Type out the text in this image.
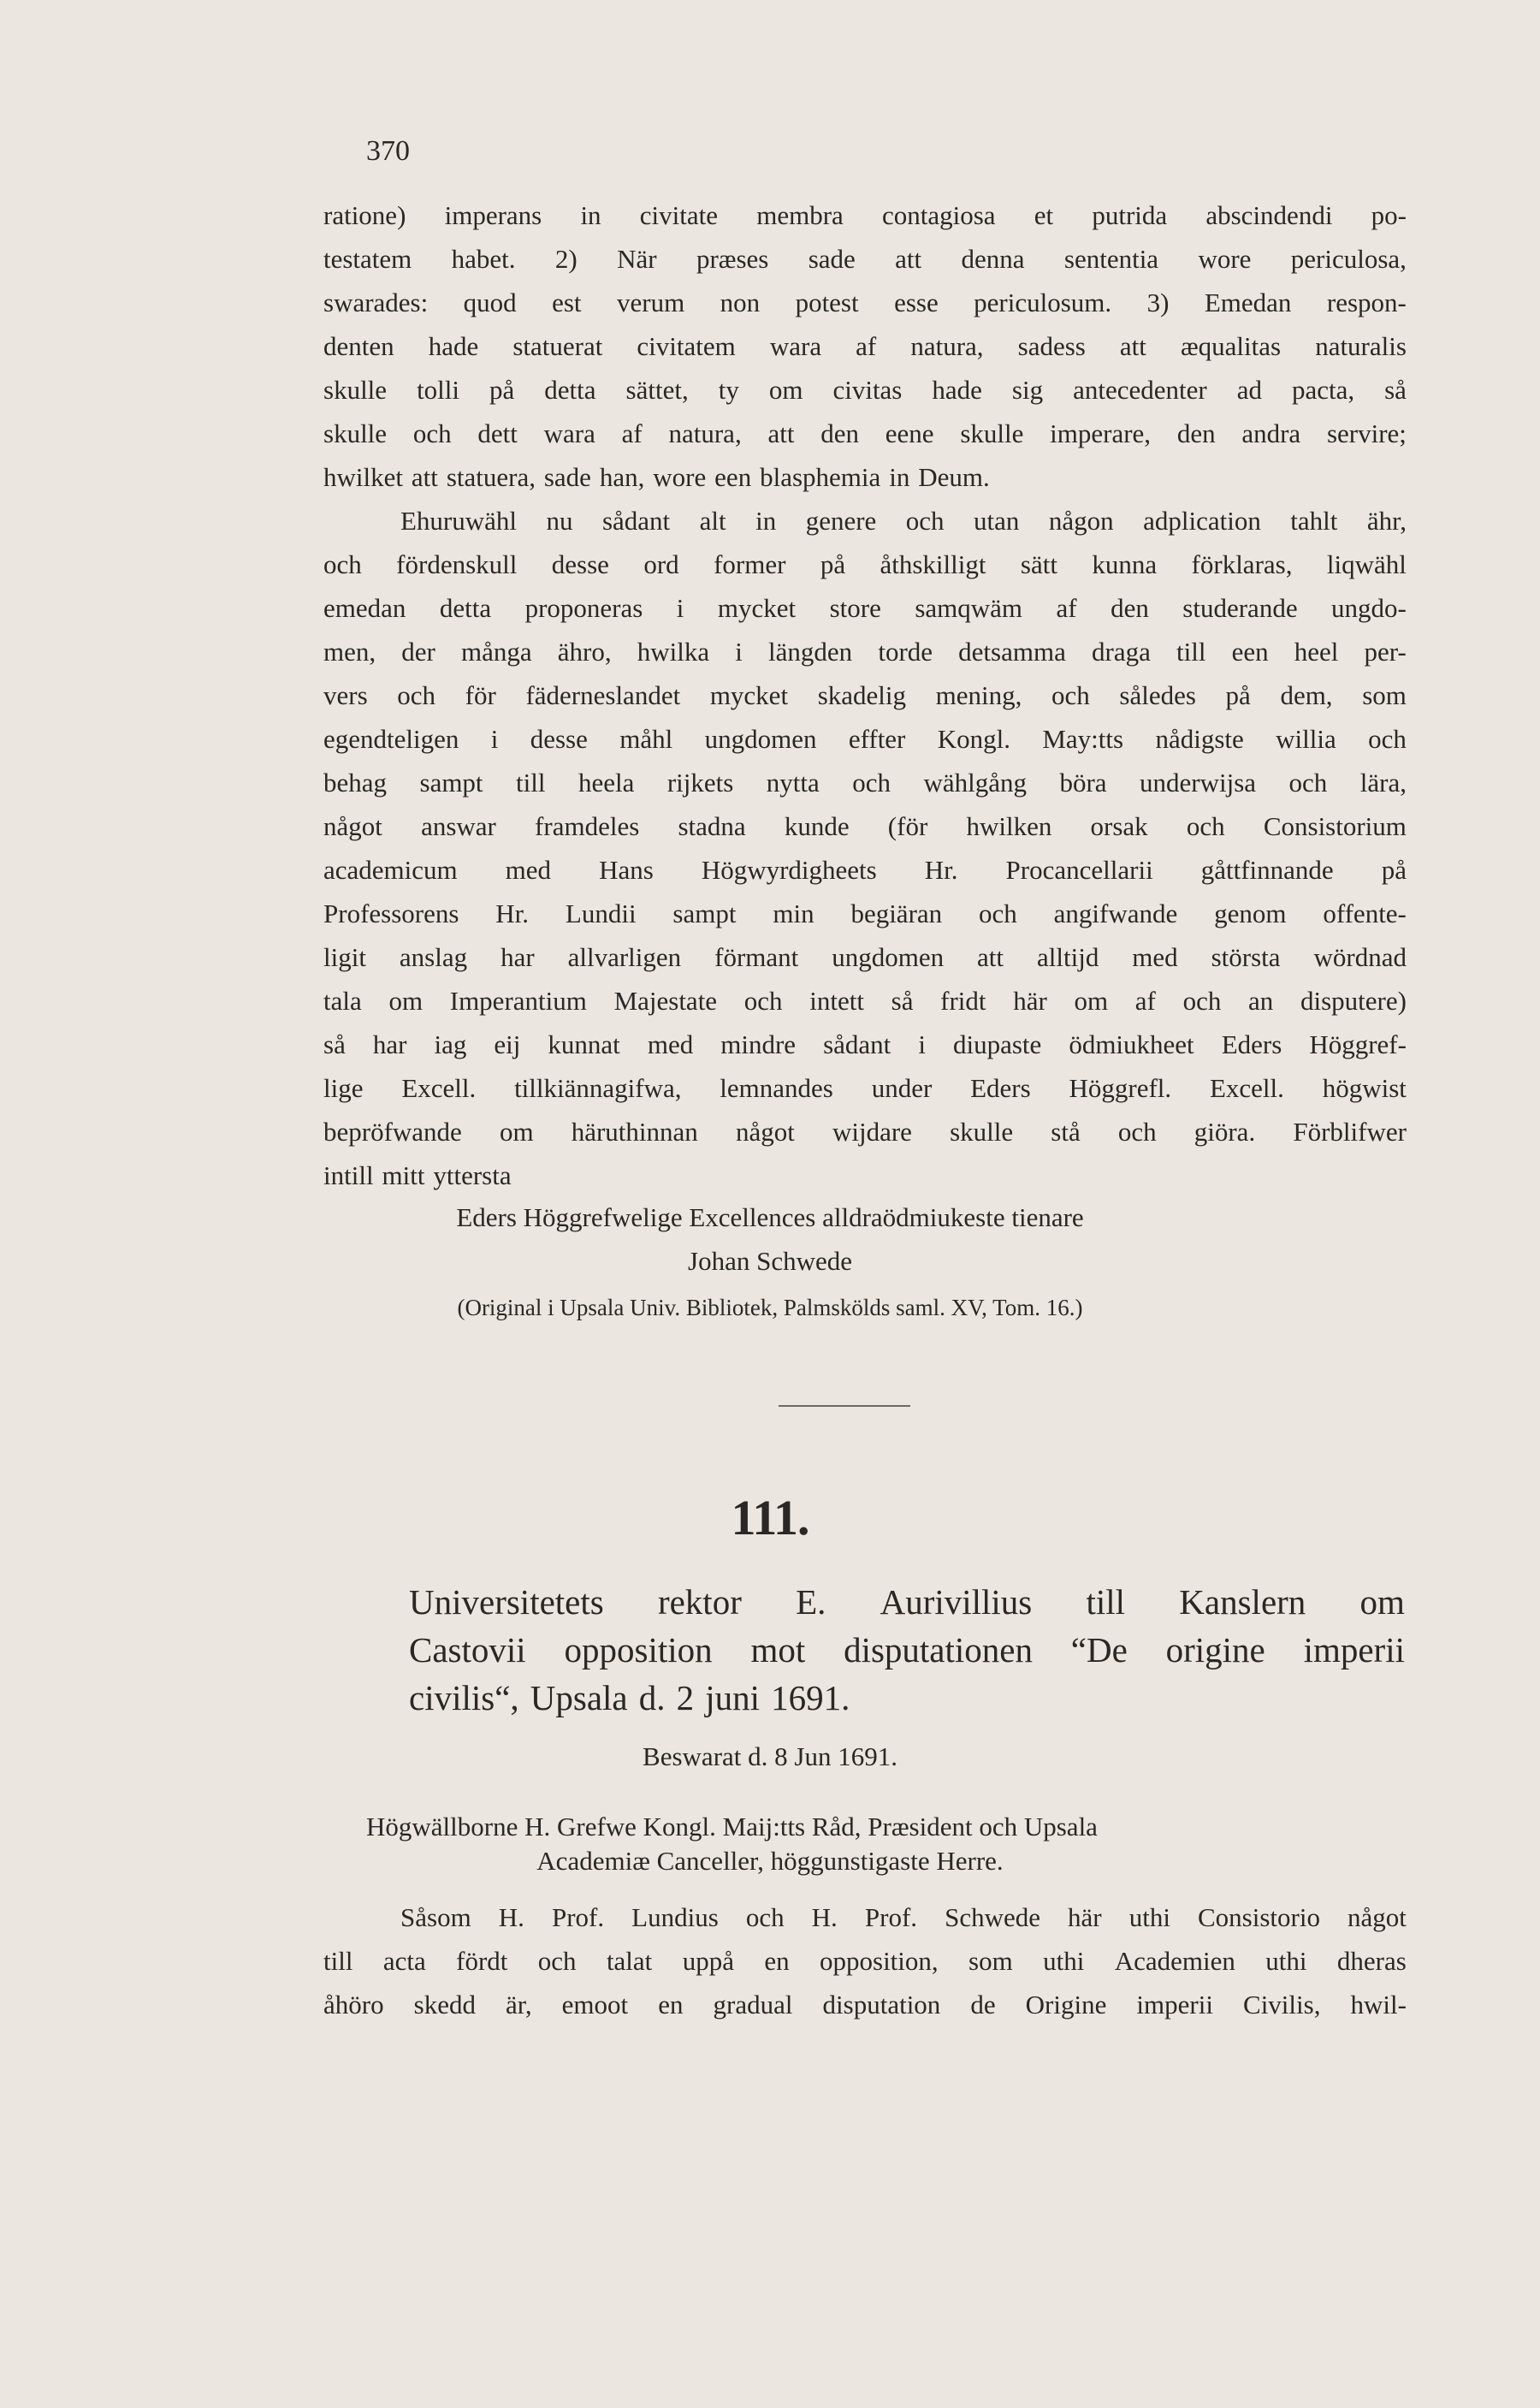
370
ratione) imperans in civitate membra contagiosa et putrida abscindendi po-
testatem habet. 2) När præses sade att denna sententia wore periculosa,
swarades: quod est verum non potest esse periculosum. 3) Emedan respon-
denten hade statuerat civitatem wara af natura, sadess att æqualitas naturalis
skulle tolli på detta sättet, ty om civitas hade sig antecedenter ad pacta, så
skulle och dett wara af natura, att den eene skulle imperare, den andra servire;
hwilket att statuera, sade han, wore een blasphemia in Deum.
Ehuruwähl nu sådant alt in genere och utan någon adplication tahlt ähr,
och fördenskull desse ord former på åthskilligt sätt kunna förklaras, liqwähl
emedan detta proponeras i mycket store samqwäm af den studerande ungdo-
men, der många ähro, hwilka i längden torde detsamma draga till een heel per-
vers och för fäderneslandet mycket skadelig mening, och således på dem, som
egendteligen i desse måhl ungdomen effter Kongl. May:tts nådigste willia och
behag sampt till heela rijkets nytta och wählgång böra underwijsa och lära,
något answar framdeles stadna kunde (för hwilken orsak och Consistorium
academicum med Hans Högwyrdigheets Hr. Procancellarii gåttfinnande på
Professorens Hr. Lundii sampt min begiäran och angifwande genom offente-
ligit anslag har allvarligen förmant ungdomen att alltijd med största wördnad
tala om Imperantium Majestate och intett så fridt här om af och an disputere)
så har iag eij kunnat med mindre sådant i diupaste ödmiukheet Eders Höggref-
lige Excell. tillkiännagifwa, lemnandes under Eders Höggrefl. Excell. högwist
bepröfwande om häruthinnan något wijdare skulle stå och giöra. Förblifwer
intill mitt yttersta
Eders Höggrefwelige Excellences alldraödmiukeste tienare
Johan Schwede
(Original i Upsala Univ. Bibliotek, Palmskölds saml. XV, Tom. 16.)
111.
Universitetets rektor E. Aurivillius till Kanslern om
Castovii opposition mot disputationen “De origine imperii
civilis“, Upsala d. 2 juni 1691.
Beswarat d. 8 Jun 1691.
Högwällborne H. Grefwe Kongl. Maij:tts Råd, Præsident och Upsala
Academiæ Canceller, höggunstigaste Herre.
Såsom H. Prof. Lundius och H. Prof. Schwede här uthi Consistorio något
till acta fördt och talat uppå en opposition, som uthi Academien uthi dheras
åhöro skedd är, emoot en gradual disputation de Origine imperii Civilis, hwil-
